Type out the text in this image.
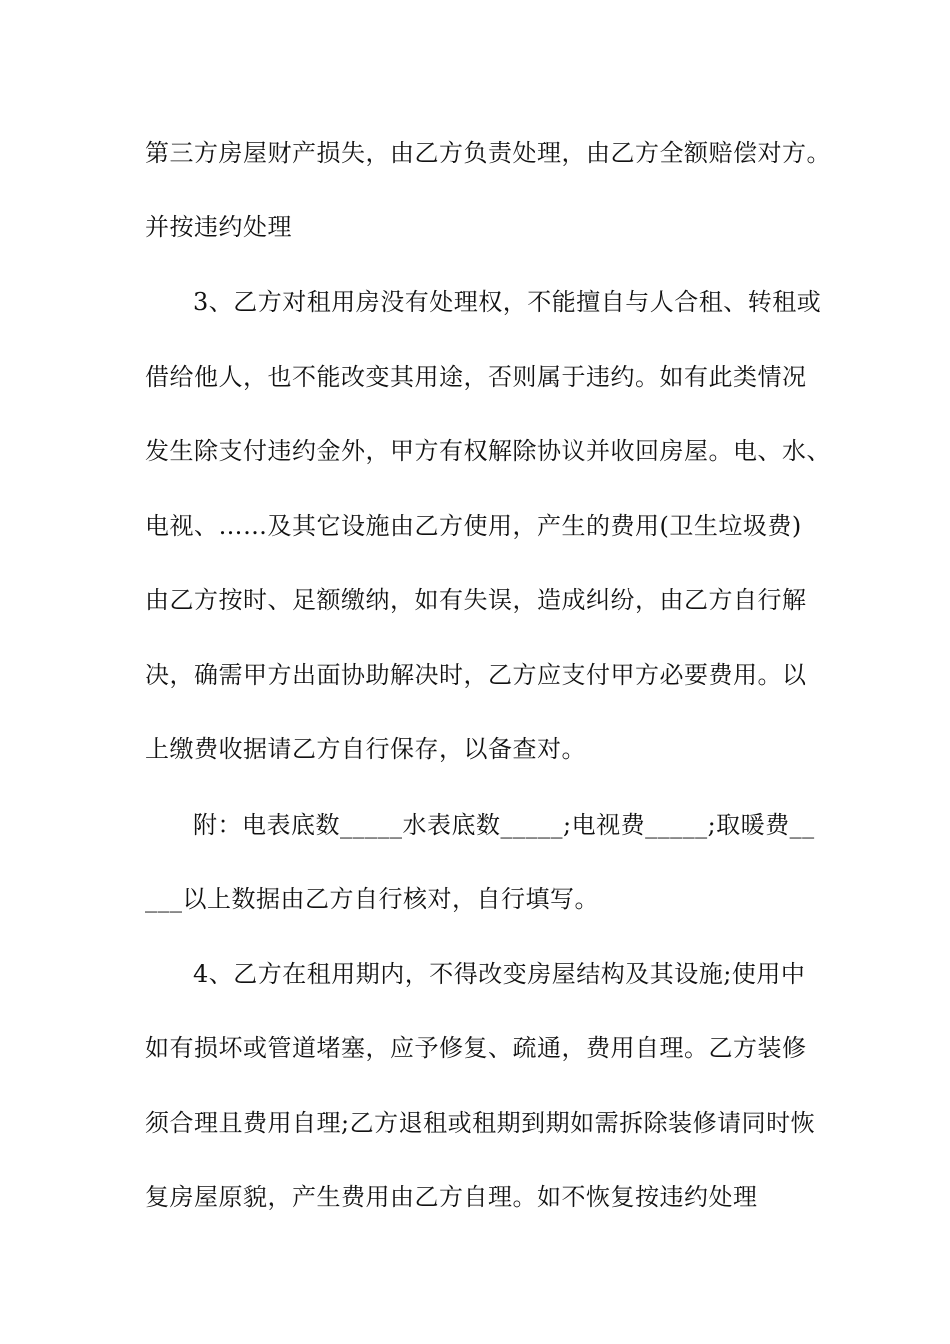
第三方房屋财产损失，由乙方负责处理，由乙方全额赔偿对方。
并按违约处理
3、乙方对租用房没有处理权，不能擅自与人合租、转租或
借给他人，也不能改变其用途，否则属于违约。如有此类情况
发生除支付违约金外，甲方有权解除协议并收回房屋。电、水、
电视、……及其它设施由乙方使用，产生的费用(卫生垃圾费)
由乙方按时、足额缴纳，如有失误，造成纠纷，由乙方自行解
决，确需甲方出面协助解决时，乙方应支付甲方必要费用。以
上缴费收据请乙方自行保存，以备查对。
附：电表底数_____水表底数_____;电视费_____;取暖费__
___以上数据由乙方自行核对，自行填写。
4、乙方在租用期内，不得改变房屋结构及其设施;使用中
如有损坏或管道堵塞，应予修复、疏通，费用自理。乙方装修
须合理且费用自理;乙方退租或租期到期如需拆除装修请同时恢
复房屋原貌，产生费用由乙方自理。如不恢复按违约处理
